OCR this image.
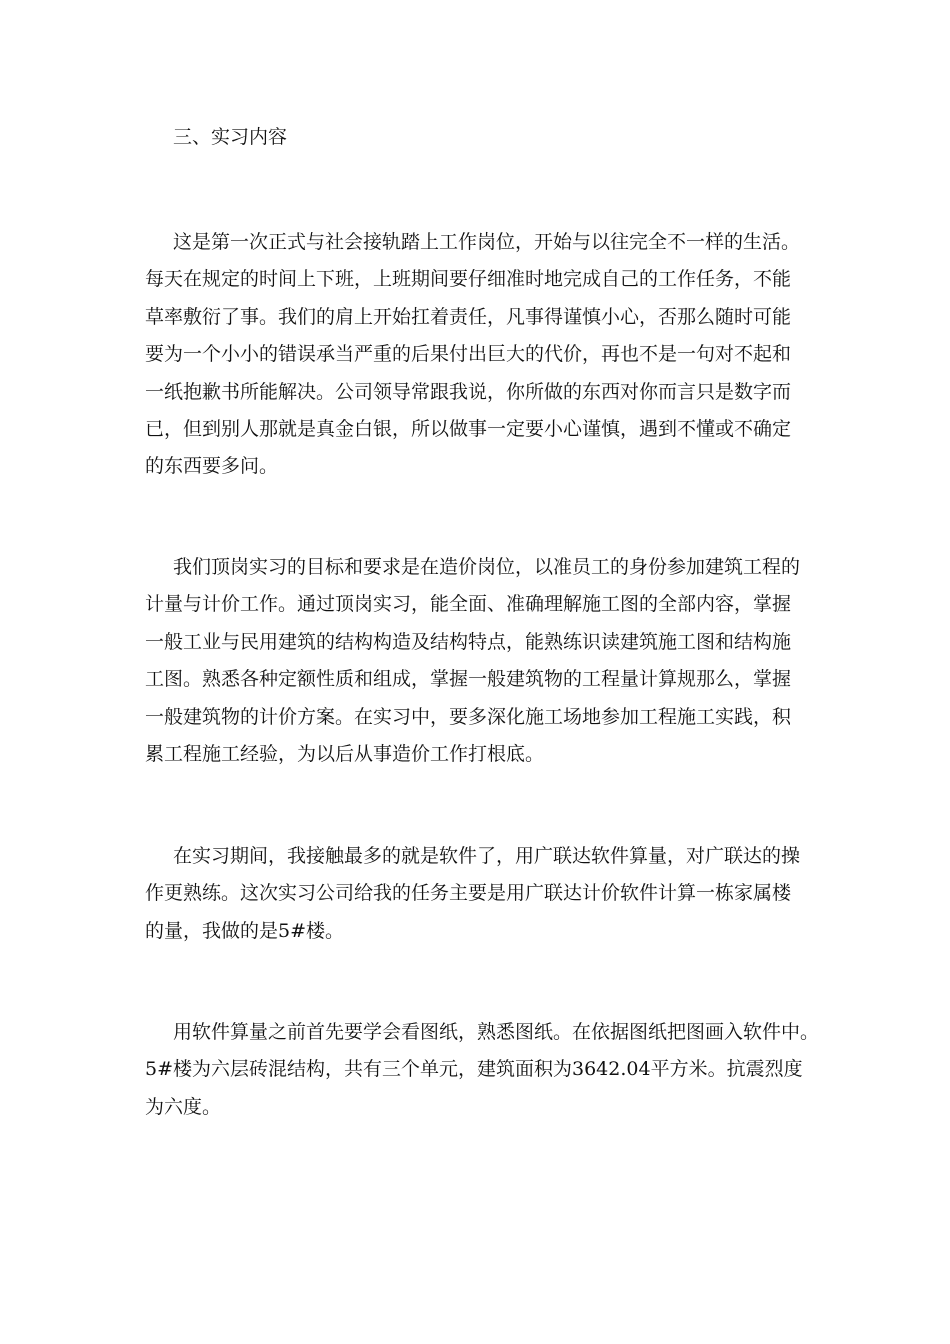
三、实习内容
这是第一次正式与社会接轨踏上工作岗位，开始与以往完全不一样的生活。
每天在规定的时间上下班，上班期间要仔细准时地完成自己的工作任务，不能
草率敷衍了事。我们的肩上开始扛着责任，凡事得谨慎小心，否那么随时可能
要为一个小小的错误承当严重的后果付出巨大的代价，再也不是一句对不起和
一纸抱歉书所能解决。公司领导常跟我说，你所做的东西对你而言只是数字而
已，但到别人那就是真金白银，所以做事一定要小心谨慎，遇到不懂或不确定
的东西要多问。
我们顶岗实习的目标和要求是在造价岗位，以准员工的身份参加建筑工程的
计量与计价工作。通过顶岗实习，能全面、准确理解施工图的全部内容，掌握
一般工业与民用建筑的结构构造及结构特点，能熟练识读建筑施工图和结构施
工图。熟悉各种定额性质和组成，掌握一般建筑物的工程量计算规那么，掌握
一般建筑物的计价方案。在实习中，要多深化施工场地参加工程施工实践，积
累工程施工经验，为以后从事造价工作打根底。
在实习期间，我接触最多的就是软件了，用广联达软件算量，对广联达的操
作更熟练。这次实习公司给我的任务主要是用广联达计价软件计算一栋家属楼
的量，我做的是5#楼。
用软件算量之前首先要学会看图纸，熟悉图纸。在依据图纸把图画入软件中。
5#楼为六层砖混结构，共有三个单元，建筑面积为3642.04平方米。抗震烈度
为六度。
